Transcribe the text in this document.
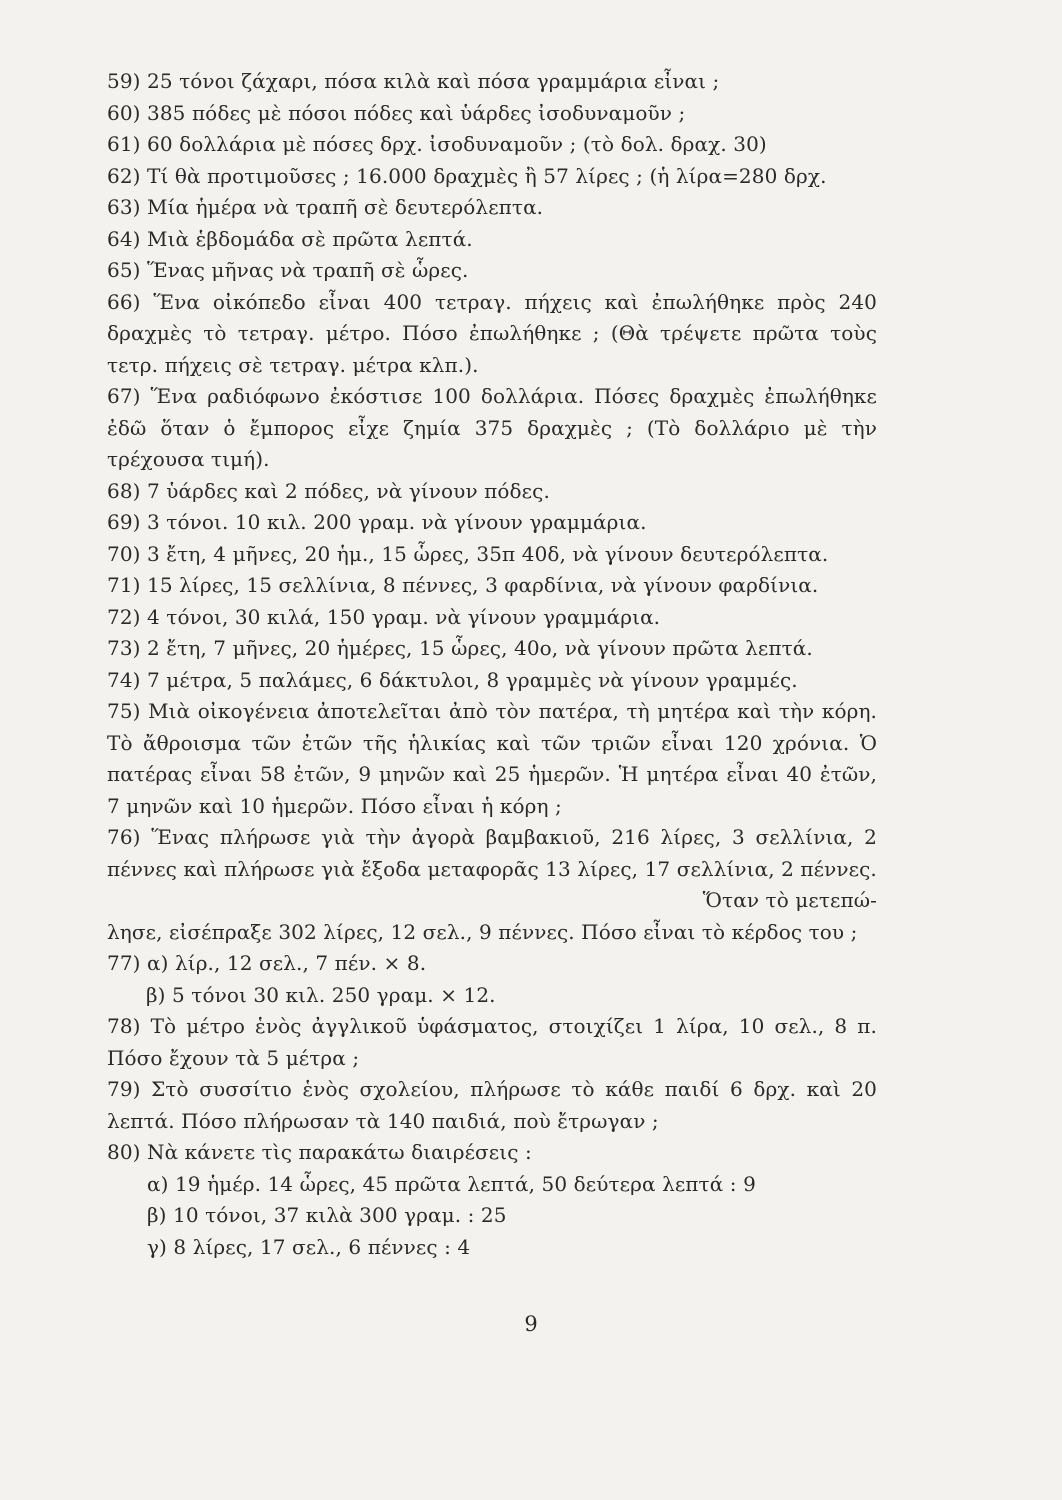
59) 25 τόνοι ζάχαρι, πόσα κιλὰ καὶ πόσα γραμμάρια εἶναι ;

60) 385 πόδες μὲ πόσοι πόδες καὶ ὑάρδες ἰσοδυναμοῦν ;

61) 60 δολλάρια μὲ πόσες δρχ. ἰσοδυναμοῦν ; (τὸ δολ. δραχ. 30)

62) Τί θὰ προτιμοῦσες ; 16.000 δραχμὲς ἢ 57 λίρες ; (ἡ λίρα=280 δρχ.

63) Μία ἡμέρα νὰ τραπῆ σὲ δευτερόλεπτα.

64) Μιὰ ἑβδομάδα σὲ πρῶτα λεπτά.

65) Ἕνας μῆνας νὰ τραπῆ σὲ ὧρες.

66) Ἕνα οἰκόπεδο εἶναι 400 τετραγ. πήχεις καὶ ἐπωλήθηκε πρὸς 240 δραχμὲς τὸ τετραγ. μέτρο. Πόσο ἐπωλήθηκε ; (Θὰ τρέψετε πρῶτα τοὺς τετρ. πήχεις σὲ τετραγ. μέτρα κλπ.).

67) Ἕνα ραδιόφωνο ἐκόστισε 100 δολλάρια. Πόσες δραχμὲς ἐπωλήθηκε ἐδῶ ὅταν ὁ ἔμπορος εἶχε ζημία 375 δραχμὲς ; (Τὸ δολλάριο μὲ τὴν τρέχουσα τιμή).

68) 7 ὑάρδες καὶ 2 πόδες, νὰ γίνουν πόδες.

69) 3 τόνοι. 10 κιλ. 200 γραμ. νὰ γίνουν γραμμάρια.

70) 3 ἔτη, 4 μῆνες, 20 ἡμ., 15 ὧρες, 35π 40δ, νὰ γίνουν δευτερόλεπτα.

71) 15 λίρες, 15 σελλίνια, 8 πέννες, 3 φαρδίνια, νὰ γίνουν φαρδίνια.

72) 4 τόνοι, 30 κιλά, 150 γραμ. νὰ γίνουν γραμμάρια.

73) 2 ἔτη, 7 μῆνες, 20 ἡμέρες, 15 ὧρες, 40ο, νὰ γίνουν πρῶτα λεπτά.

74) 7 μέτρα, 5 παλάμες, 6 δάκτυλοι, 8 γραμμὲς νὰ γίνουν γραμμές.

75) Μιὰ οἰκογένεια ἀποτελεῖται ἀπὸ τὸν πατέρα, τὴ μητέρα καὶ τὴν κόρη. Τὸ ἄθροισμα τῶν ἐτῶν τῆς ἡλικίας καὶ τῶν τριῶν εἶναι 120 χρόνια. Ὁ πατέρας εἶναι 58 ἐτῶν, 9 μηνῶν καὶ 25 ἡμερῶν. Ἡ μητέρα εἶναι 40 ἐτῶν, 7 μηνῶν καὶ 10 ἡμερῶν. Πόσο εἶναι ἡ κόρη ;

76) Ἕνας πλήρωσε γιὰ τὴν ἀγορὰ βαμβακιοῦ, 216 λίρες, 3 σελλίνια, 2 πέννες καὶ πλήρωσε γιὰ ἔξοδα μεταφορᾶς 13 λίρες, 17 σελλίνια, 2 πέννες.

Ὅταν τὸ μετεπώ-

λησε, εἰσέπραξε 302 λίρες, 12 σελ., 9 πέννες. Πόσο εἶναι τὸ κέρδος του ;

77) α) λίρ., 12 σελ., 7 πέν. × 8.

β) 5 τόνοι 30 κιλ. 250 γραμ. × 12.

78) Τὸ μέτρο ἑνὸς ἀγγλικοῦ ὑφάσματος, στοιχίζει 1 λίρα, 10 σελ., 8 π. Πόσο ἔχουν τὰ 5 μέτρα ;

79) Στὸ συσσίτιο ἑνὸς σχολείου, πλήρωσε τὸ κάθε παιδί 6 δρχ. καὶ 20 λεπτά. Πόσο πλήρωσαν τὰ 140 παιδιά, ποὺ ἔτρωγαν ;

80) Νὰ κάνετε τὶς παρακάτω διαιρέσεις :

α) 19 ἡμέρ. 14 ὧρες, 45 πρῶτα λεπτά, 50 δεύτερα λεπτά : 9

β) 10 τόνοι, 37 κιλὰ 300 γραμ. : 25

γ) 8 λίρες, 17 σελ., 6 πέννες : 4

9
